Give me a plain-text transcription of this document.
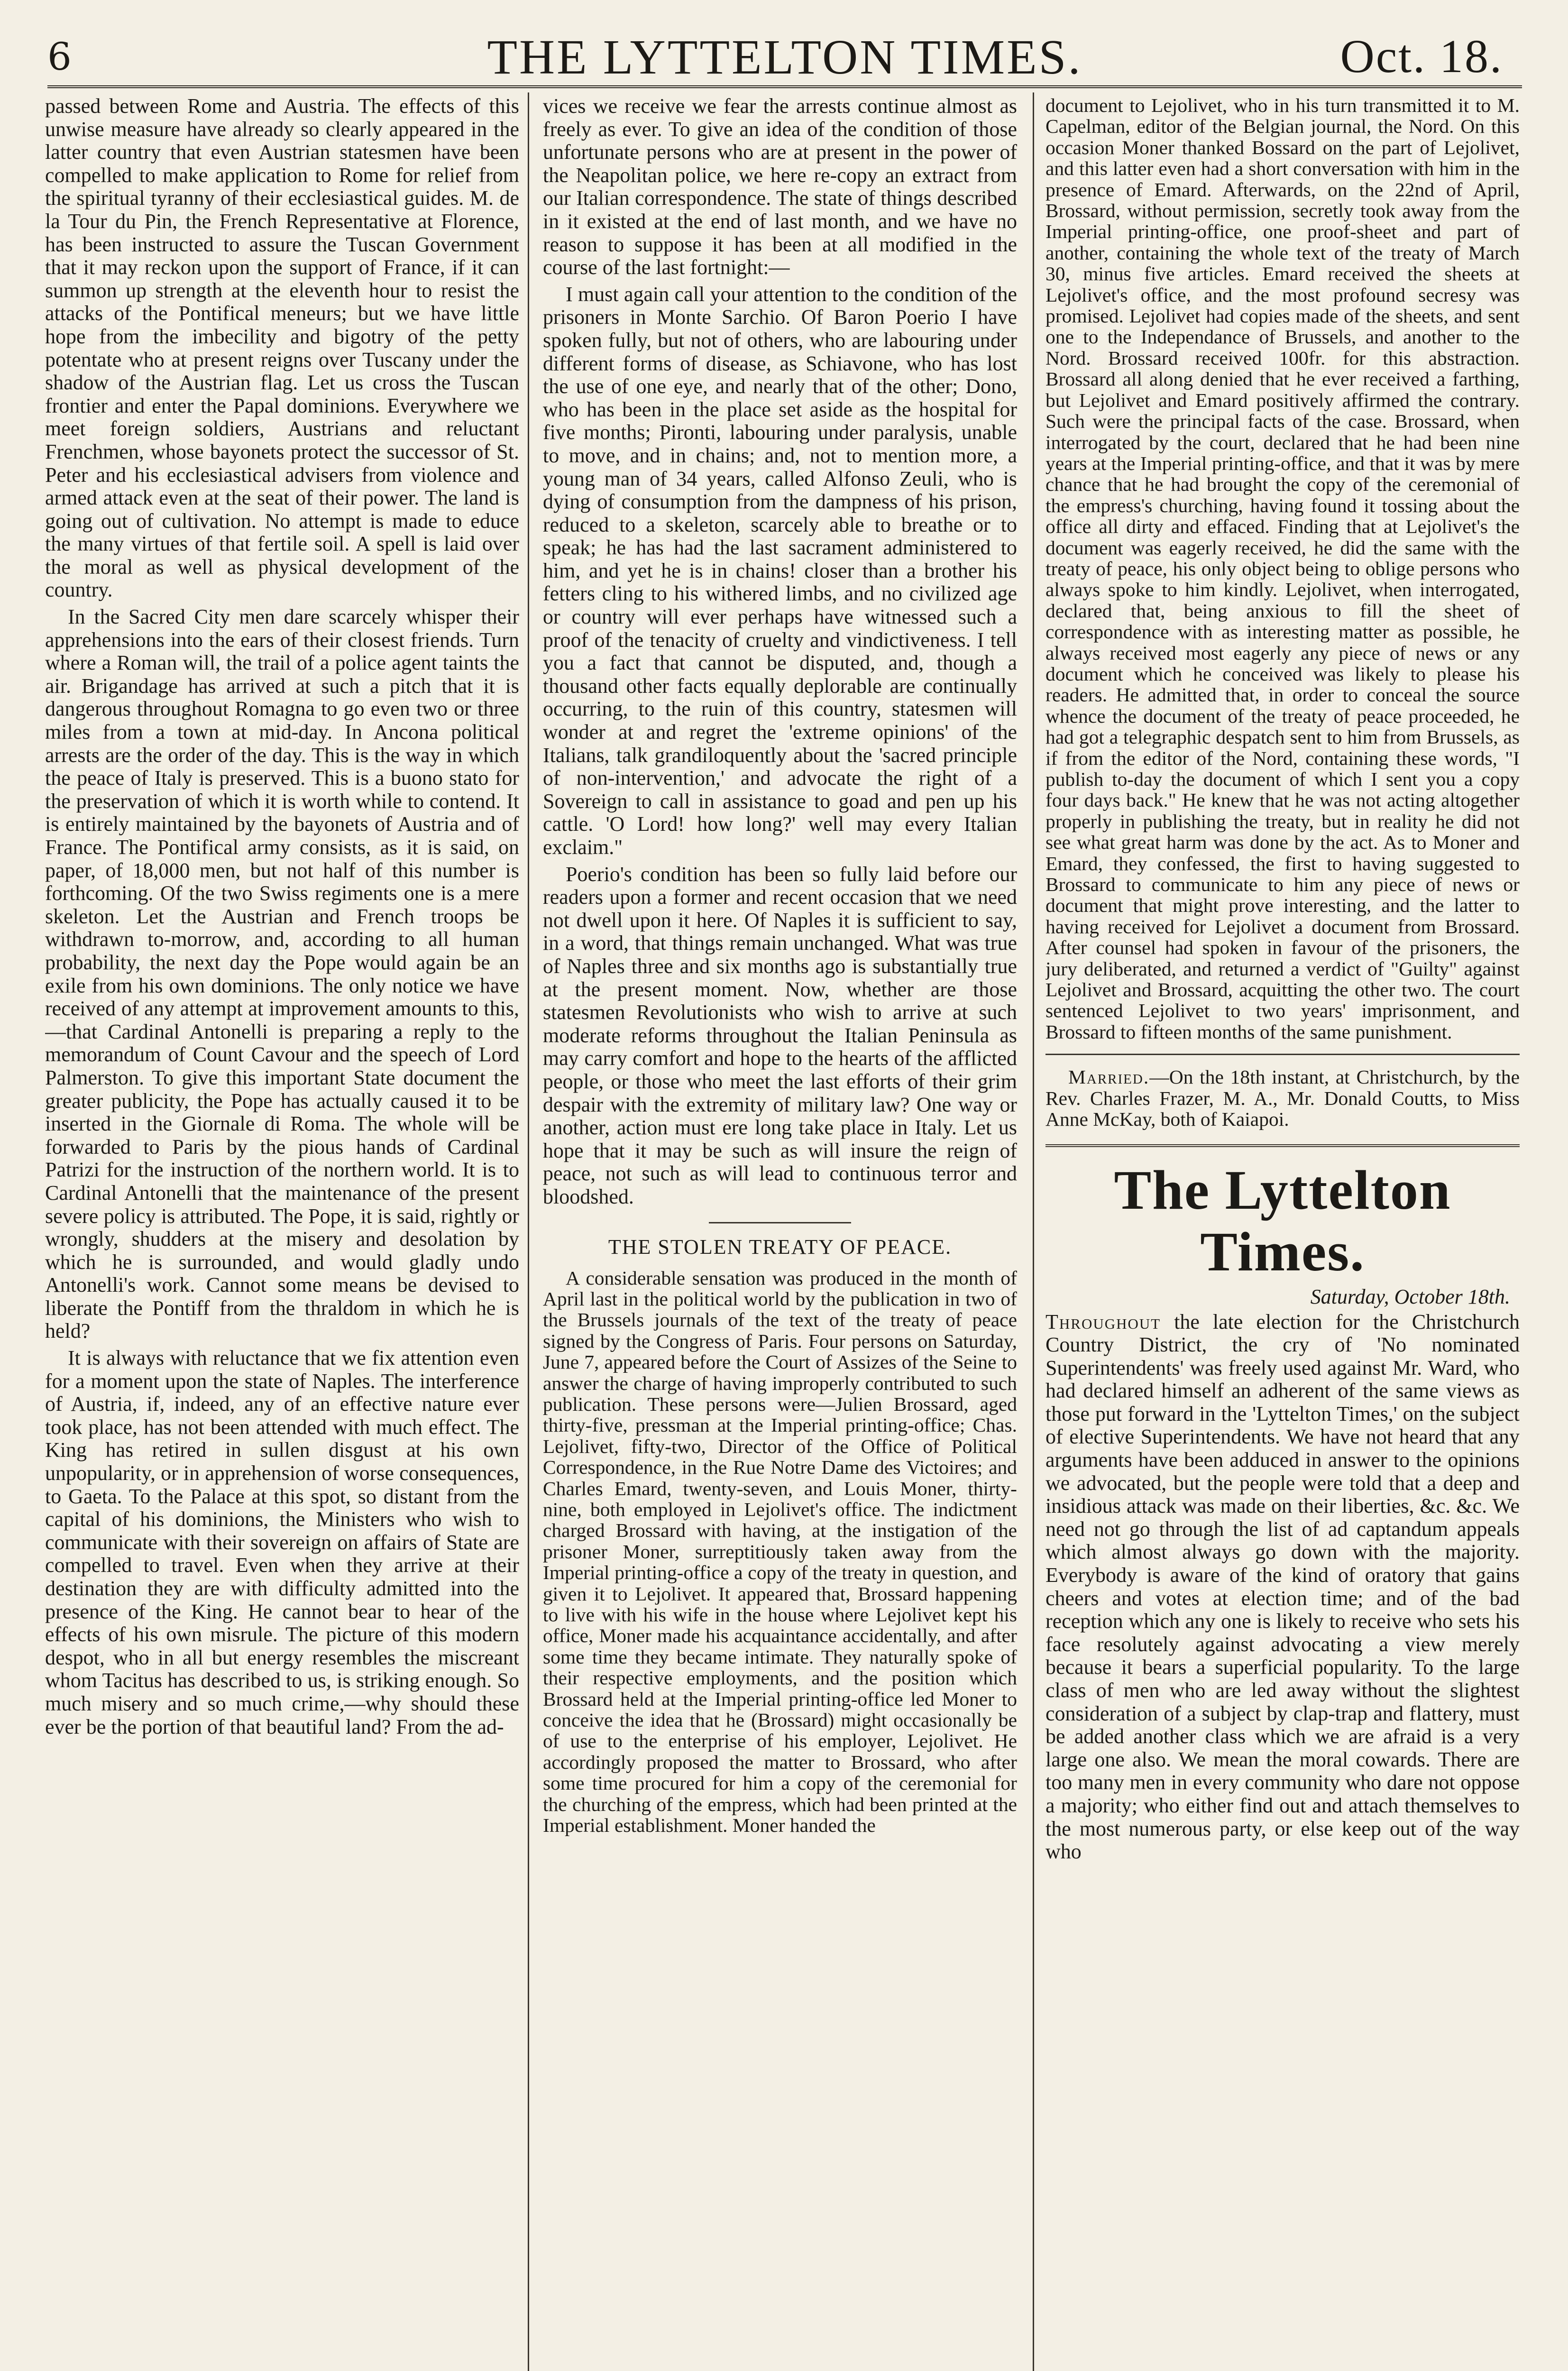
6	THE LYTTELTON TIMES.	Oct. 18.

passed between Rome and Austria. The effects of this unwise measure have already so clearly appeared in the latter country that even Austrian statesmen have been compelled to make application to Rome for relief from the spiritual tyranny of their ecclesiastical guides. M. de la Tour du Pin, the French Representative at Florence, has been instructed to assure the Tuscan Government that it may reckon upon the support of France, if it can summon up strength at the eleventh hour to resist the attacks of the Pontifical meneurs; but we have little hope from the imbecility and bigotry of the petty potentate who at present reigns over Tuscany under the shadow of the Austrian flag. Let us cross the Tuscan frontier and enter the Papal dominions. Everywhere we meet foreign soldiers, Austrians and reluctant Frenchmen, whose bayonets protect the successor of St. Peter and his ecclesiastical advisers from violence and armed attack even at the seat of their power. The land is going out of cultivation. No attempt is made to educe the many virtues of that fertile soil. A spell is laid over the moral as well as physical development of the country.

In the Sacred City men dare scarcely whisper their apprehensions into the ears of their closest friends. Turn where a Roman will, the trail of a police agent taints the air. Brigandage has arrived at such a pitch that it is dangerous throughout Romagna to go even two or three miles from a town at mid-day. In Ancona political arrests are the order of the day. This is the way in which the peace of Italy is preserved. This is a buono stato for the preservation of which it is worth while to contend. It is entirely maintained by the bayonets of Austria and of France. The Pontifical army consists, as it is said, on paper, of 18,000 men, but not half of this number is forthcoming. Of the two Swiss regiments one is a mere skeleton. Let the Austrian and French troops be withdrawn to-morrow, and, according to all human probability, the next day the Pope would again be an exile from his own dominions. The only notice we have received of any attempt at improvement amounts to this,—that Cardinal Antonelli is preparing a reply to the memorandum of Count Cavour and the speech of Lord Palmerston. To give this important State document the greater publicity, the Pope has actually caused it to be inserted in the Giornale di Roma. The whole will be forwarded to Paris by the pious hands of Cardinal Patrizi for the instruction of the northern world. It is to Cardinal Antonelli that the maintenance of the present severe policy is attributed. The Pope, it is said, rightly or wrongly, shudders at the misery and desolation by which he is surrounded, and would gladly undo Antonelli's work. Cannot some means be devised to liberate the Pontiff from the thraldom in which he is held?

It is always with reluctance that we fix attention even for a moment upon the state of Naples. The interference of Austria, if, indeed, any of an effective nature ever took place, has not been attended with much effect. The King has retired in sullen disgust at his own unpopularity, or in apprehension of worse consequences, to Gaeta. To the Palace at this spot, so distant from the capital of his dominions, the Ministers who wish to communicate with their sovereign on affairs of State are compelled to travel. Even when they arrive at their destination they are with difficulty admitted into the presence of the King. He cannot bear to hear of the effects of his own misrule. The picture of this modern despot, who in all but energy resembles the miscreant whom Tacitus has described to us, is striking enough. So much misery and so much crime,—why should these ever be the portion of that beautiful land? From the ad-

vices we receive we fear the arrests continue almost as freely as ever. To give an idea of the condition of those unfortunate persons who are at present in the power of the Neapolitan police, we here re-copy an extract from our Italian correspondence. The state of things described in it existed at the end of last month, and we have no reason to suppose it has been at all modified in the course of the last fortnight:—

I must again call your attention to the condition of the prisoners in Monte Sarchio. Of Baron Poerio I have spoken fully, but not of others, who are labouring under different forms of disease, as Schiavone, who has lost the use of one eye, and nearly that of the other; Dono, who has been in the place set aside as the hospital for five months; Pironti, labouring under paralysis, unable to move, and in chains; and, not to mention more, a young man of 34 years, called Alfonso Zeuli, who is dying of consumption from the dampness of his prison, reduced to a skeleton, scarcely able to breathe or to speak; he has had the last sacrament administered to him, and yet he is in chains! closer than a brother his fetters cling to his withered limbs, and no civilized age or country will ever perhaps have witnessed such a proof of the tenacity of cruelty and vindictiveness. I tell you a fact that cannot be disputed, and, though a thousand other facts equally deplorable are continually occurring, to the ruin of this country, statesmen will wonder at and regret the 'extreme opinions' of the Italians, talk grandiloquently about the 'sacred principle of non-intervention,' and advocate the right of a Sovereign to call in assistance to goad and pen up his cattle. 'O Lord! how long?' well may every Italian exclaim."

Poerio's condition has been so fully laid before our readers upon a former and recent occasion that we need not dwell upon it here. Of Naples it is sufficient to say, in a word, that things remain unchanged. What was true of Naples three and six months ago is substantially true at the present moment. Now, whether are those statesmen Revolutionists who wish to arrive at such moderate reforms throughout the Italian Peninsula as may carry comfort and hope to the hearts of the afflicted people, or those who meet the last efforts of their grim despair with the extremity of military law? One way or another, action must ere long take place in Italy. Let us hope that it may be such as will insure the reign of peace, not such as will lead to continuous terror and bloodshed.

THE STOLEN TREATY OF PEACE.

A considerable sensation was produced in the month of April last in the political world by the publication in two of the Brussels journals of the text of the treaty of peace signed by the Congress of Paris. Four persons on Saturday, June 7, appeared before the Court of Assizes of the Seine to answer the charge of having improperly contributed to such publication. These persons were—Julien Brossard, aged thirty-five, pressman at the Imperial printing-office; Chas. Lejolivet, fifty-two, Director of the Office of Political Correspondence, in the Rue Notre Dame des Victoires; and Charles Emard, twenty-seven, and Louis Moner, thirty-nine, both employed in Lejolivet's office. The indictment charged Brossard with having, at the instigation of the prisoner Moner, surreptitiously taken away from the Imperial printing-office a copy of the treaty in question, and given it to Lejolivet. It appeared that, Brossard happening to live with his wife in the house where Lejolivet kept his office, Moner made his acquaintance accidentally, and after some time they became intimate. They naturally spoke of their respective employments, and the position which Brossard held at the Imperial printing-office led Moner to conceive the idea that he (Brossard) might occasionally be of use to the enterprise of his employer, Lejolivet. He accordingly proposed the matter to Brossard, who after some time procured for him a copy of the ceremonial for the churching of the empress, which had been printed at the Imperial establishment. Moner handed the

document to Lejolivet, who in his turn transmitted it to M. Capelman, editor of the Belgian journal, the Nord. On this occasion Moner thanked Bossard on the part of Lejolivet, and this latter even had a short conversation with him in the presence of Emard. Afterwards, on the 22nd of April, Brossard, without permission, secretly took away from the Imperial printing-office, one proof-sheet and part of another, containing the whole text of the treaty of March 30, minus five articles. Emard received the sheets at Lejolivet's office, and the most profound secresy was promised. Lejolivet had copies made of the sheets, and sent one to the Independance of Brussels, and another to the Nord. Brossard received 100fr. for this abstraction. Brossard all along denied that he ever received a farthing, but Lejolivet and Emard positively affirmed the contrary. Such were the principal facts of the case. Brossard, when interrogated by the court, declared that he had been nine years at the Imperial printing-office, and that it was by mere chance that he had brought the copy of the ceremonial of the empress's churching, having found it tossing about the office all dirty and effaced. Finding that at Lejolivet's the document was eagerly received, he did the same with the treaty of peace, his only object being to oblige persons who always spoke to him kindly. Lejolivet, when interrogated, declared that, being anxious to fill the sheet of correspondence with as interesting matter as possible, he always received most eagerly any piece of news or any document which he conceived was likely to please his readers. He admitted that, in order to conceal the source whence the document of the treaty of peace proceeded, he had got a telegraphic despatch sent to him from Brussels, as if from the editor of the Nord, containing these words, "I publish to-day the document of which I sent you a copy four days back." He knew that he was not acting altogether properly in publishing the treaty, but in reality he did not see what great harm was done by the act. As to Moner and Emard, they confessed, the first to having suggested to Brossard to communicate to him any piece of news or document that might prove interesting, and the latter to having received for Lejolivet a document from Brossard. After counsel had spoken in favour of the prisoners, the jury deliberated, and returned a verdict of "Guilty" against Lejolivet and Brossard, acquitting the other two. The court sentenced Lejolivet to two years' imprisonment, and Brossard to fifteen months of the same punishment.

Married.—On the 18th instant, at Christchurch, by the Rev. Charles Frazer, M. A., Mr. Donald Coutts, to Miss Anne McKay, both of Kaiapoi.

The Lyttelton Times.
Saturday, October 18th.

Throughout the late election for the Christchurch Country District, the cry of 'No nominated Superintendents' was freely used against Mr. Ward, who had declared himself an adherent of the same views as those put forward in the 'Lyttelton Times,' on the subject of elective Superintendents. We have not heard that any arguments have been adduced in answer to the opinions we advocated, but the people were told that a deep and insidious attack was made on their liberties, &c. &c. We need not go through the list of ad captandum appeals which almost always go down with the majority. Everybody is aware of the kind of oratory that gains cheers and votes at election time; and of the bad reception which any one is likely to receive who sets his face resolutely against advocating a view merely because it bears a superficial popularity. To the large class of men who are led away without the slightest consideration of a subject by clap-trap and flattery, must be added another class which we are afraid is a very large one also. We mean the moral cowards. There are too many men in every community who dare not oppose a majority; who either find out and attach themselves to the most numerous party, or else keep out of the way who
